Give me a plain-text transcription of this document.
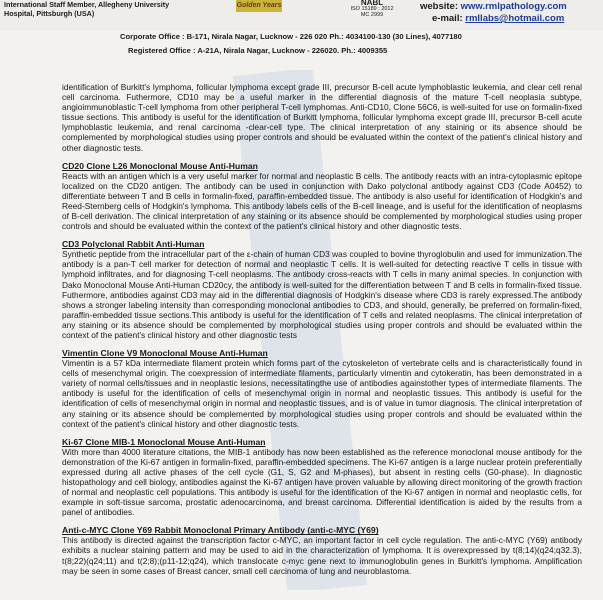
International Staff Member, Allegheny University
Hospital, Pittsburgh (USA)
Golden Years	NABL
ISO 15189 : 2012
MC 2999
website: www.rmlpathology.com
e-mail: rmllabs@hotmail.com
Corporate Office : B-171, Nirala Nagar, Lucknow - 226 020 Ph.: 4034100-130 (30 Lines), 4077180
Registered Office : A-21A, Nirala Nagar, Lucknow - 226020. Ph.: 4009355
identification of Burkitt's lymphoma, follicular lymphoma except grade III, precursor B-cell acute lymphoblastic leukemia, and clear cell renal cell carcinoma. Futhermore, CD10 may be a useful marker in the differential diagnosis of the mature T-cell neoplasia subtype, angioimmunoblastic T-cell lymphoma from other peripheral T-cell lymphomas. Anti-CD10, Clone 56C6, is well-suited for use on formalin-fixed tissue sections. This antibody is useful for the identification of Burkitt lymphoma, follicular lymphoma except grade III, precursor B-cell acute lymphoblastic leukemia, and renal carcinoma -clear-cell type. The clinical interpretation of any staining or its absence should be complemented by morphological studies using proper controls and should be evaluated within the context of the patient's clinical history and other diagnostic tests.
CD20 Clone L26 Monoclonal Mouse Anti-Human
Reacts with an antigen which is a very useful marker for normal and neoplastic B cells. The antibody reacts with an intra-cytoplasmic epitope localized on the CD20 antigen. The antibody can be used in conjunction with Dako polyclonal antibody against CD3 (Code A0452) to differentiate between T and B cells in formalin-fixed, paraffin-embedded tissue. The antibody is also useful for identification of Hodgkin's and Reed-Sternberg cells of Hodgkin's lymphoma. This antibody labels cells of the B-cell lineage, and is useful for the identification of neoplasms of B-cell derivation. The clinical interpretation of any staining or its absence should be complemented by morphological studies using proper controls and should be evaluated within the context of the patient's clinical history and other diagnostic tests.
CD3 Polyclonal Rabbit Anti-Human
Synthetic peptide from the intracellular part of the ε-chain of human CD3 was coupled to bovine thyroglobulin and used for immunization.The antibody is a pan-T cell marker for detection of normal and neoplastic T cells. It is well-suited for detecting reactive T cells in tissue with lymphoid infiltrates, and for diagnosing T-cell neoplasms. The antibody cross-reacts with T cells in many animal species. In conjunction with Dako Monoclonal Mouse Anti-Human CD20cy, the antibody is well-suited for the differentiation between T and B cells in formalin-fixed tissue. Futhermore, antibodies against CD3 may aid in the differential diagnosis of Hodgkin's disease where CD3 is rarely expressed.The antibody shows a stronger labeling intensity than corresponding monoclonal antibodies to CD3, and should, generally, be preferred on formalin-fixed, paraffin-embedded tissue sections.This antibody is useful for the identification of T cells and related neoplasms. The clinical interpretation of any staining or its absence should be complemented by morphological studies using proper controls and should be evaluated within the context of the patient's clinical history and other diagnostic tests
Vimentin Clone V9 Monoclonal Mouse Anti-Human
Vimentin is a 57 kDa intermediate filament protein which forms part of the cytoskeleton of vertebrate cells and is characteristically found in cells of mesenchymal origin. The coexpression of intermediate filaments, particularly vimentin and cytokeratin, has been demonstrated in a variety of normal cells/tissues and in neoplastic lesions, necessitatingthe use of antibodies againstother types of intermediate filaments. The antibody is useful for the identification of cells of mesenchymal origin in normal and neoplastic tissues. This antibody is useful for the identification of cells of mesenchymal origin in normal and neoplastic tissues, and is of value in tumor diagnosis. The clinical interpretation of any staining or its absence should be complemented by morphological studies using proper controls and should be evaluated within the context of the patient's clinical history and other diagnostic tests.
Ki-67 Clone MIB-1 Monoclonal Mouse Anti-Human
With more than 4000 literature citations, the MIB-1 antibody has now been established as the reference monoclonal mouse antibody for the demonstration of the Ki-67 antigen in formalin-fixed, paraffin-embedded specimens. The Ki-67 antigen is a large nuclear protein preferentially expressed during all active phases of the cell cycle (G1, S, G2 and M-phases), but absent in resting cells (G0-phase). In diagnostic histopathology and cell biology, antibodies against the Ki-67 antigen have proven valuable by allowing direct monitoring of the growth fraction of normal and neoplastic cell populations. This antibody is useful for the identification of the Ki-67 antigen in normal and neoplastic cells, for example in soft-tissue sarcoma, prostatic adenocarcinoma, and breast carcinoma. Differential identification is aided by the results from a panel of antibodies.
Anti-c-MYC Clone Y69 Rabbit Monoclonal Primary Antibody (anti-c-MYC (Y69)
This antibody is directed against the transcription factor c-MYC, an important factor in cell cycle regulation. The anti-c-MYC (Y69) antibody exhibits a nuclear staining pattern and may be used to aid in the characterization of lymphoma. It is overexpressed by t(8;14)(q24;q32.3), t(8;22)(q24;11) and t(2;8);(p11-12;q24), which translocate c-myc gene next to immunoglobulin genes in Burkitt's lymphoma. Amplification may be seen in some cases of Breast cancer, small cell carcinoma of lung and neuroblastoma.
